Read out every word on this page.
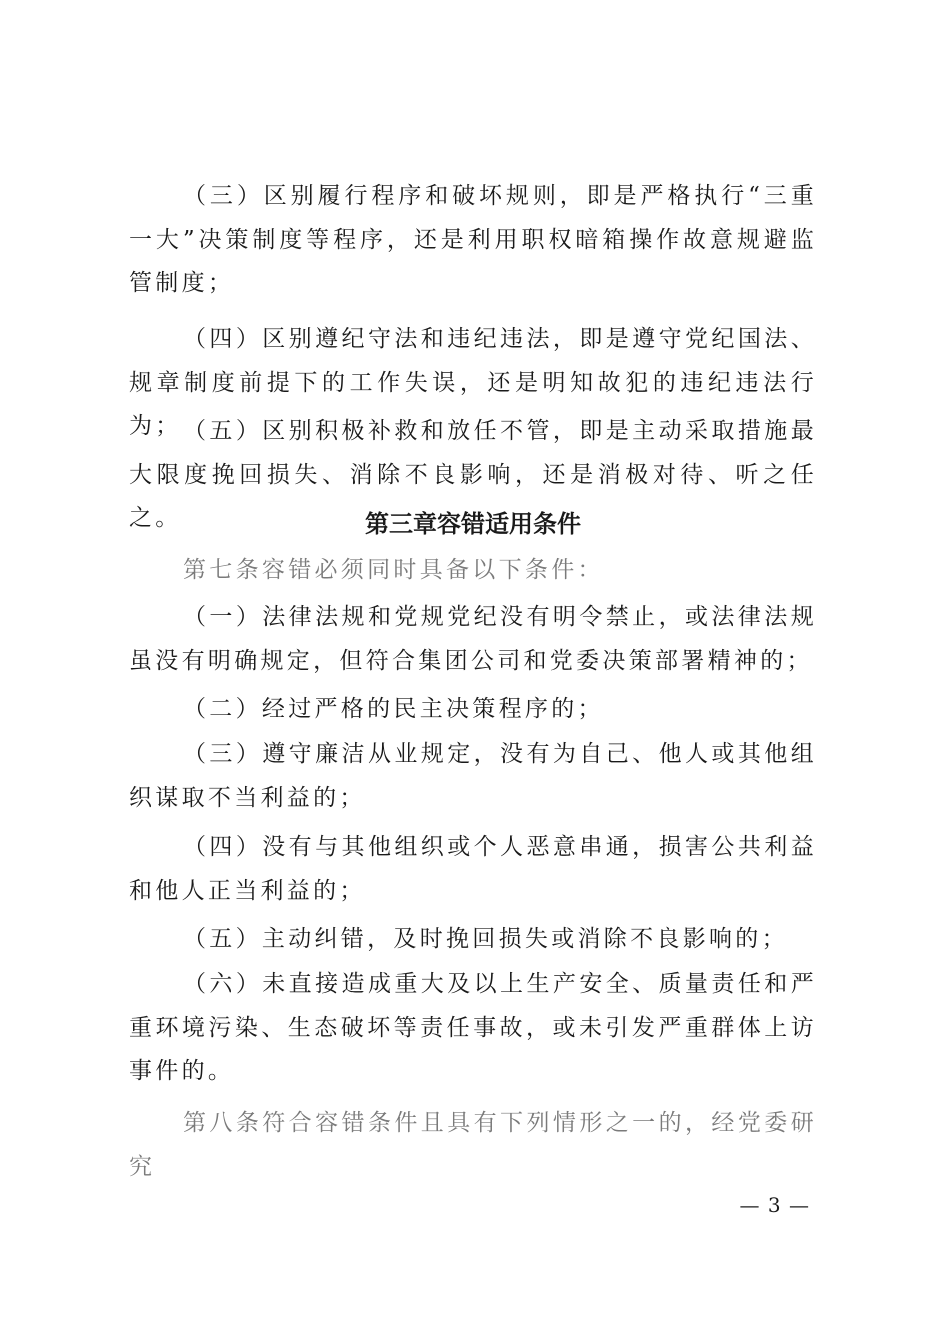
（三）区别履行程序和破坏规则，即是严格执行“三重一大”决策制度等程序，还是利用职权暗箱操作故意规避监管制度；

（四）区别遵纪守法和违纪违法，即是遵守党纪国法、规章制度前提下的工作失误，还是明知故犯的违纪违法行为； （五）区别积极补救和放任不管，即是主动采取措施最大限度挽回损失、消除不良影响，还是消极对待、听之任之。	第三章容错适用条件

第七条容错必须同时具备以下条件：

（一）法律法规和党规党纪没有明令禁止，或法律法规虽没有明确规定，但符合集团公司和党委决策部署精神的；

（二）经过严格的民主决策程序的；

（三）遵守廉洁从业规定，没有为自己、他人或其他组织谋取不当利益的；

（四）没有与其他组织或个人恶意串通，损害公共利益和他人正当利益的；

（五）主动纠错，及时挽回损失或消除不良影响的；

（六）未直接造成重大及以上生产安全、质量责任和严重环境污染、生态破坏等责任事故，或未引发严重群体上访事件的。

第八条符合容错条件且具有下列情形之一的，经党委研究

— 3 —
